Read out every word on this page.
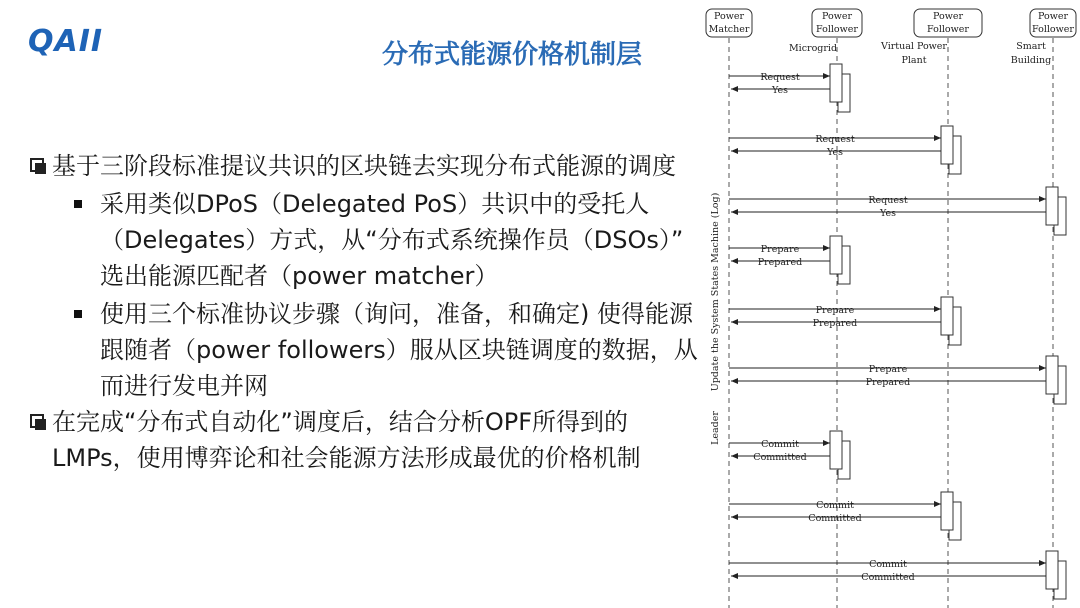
QAII	分布式能源价格机制层
基于三阶段标准提议共识的区块链去实现分布式能源的调度
采用类似DPoS（Delegated PoS）共识中的受托人（Delegates）方式，从“分布式系统操作员（DSOs）” 选出能源匹配者（power matcher）
使用三个标准协议步骤（询问，准备，和确定) 使得能源跟随者（power followers）服从区块链调度的数据，从而进行发电并网
在完成“分布式自动化”调度后，结合分析OPF所得到的LMPs，使用博弈论和社会能源方法形成最优的价格机制
Power
Matcher
Power
Follower
Microgrid
Power
Follower
Virtual Power
Plant
Power
Follower
Smart
Building
Update the System States Machine (Log)
Leader
Request
Yes
Request
Yes
Request
Yes
Prepare
Prepared
Prepare
Prepared
Prepare
Prepared
Commit
Committed
Commit
Committed
Commit
Committed
